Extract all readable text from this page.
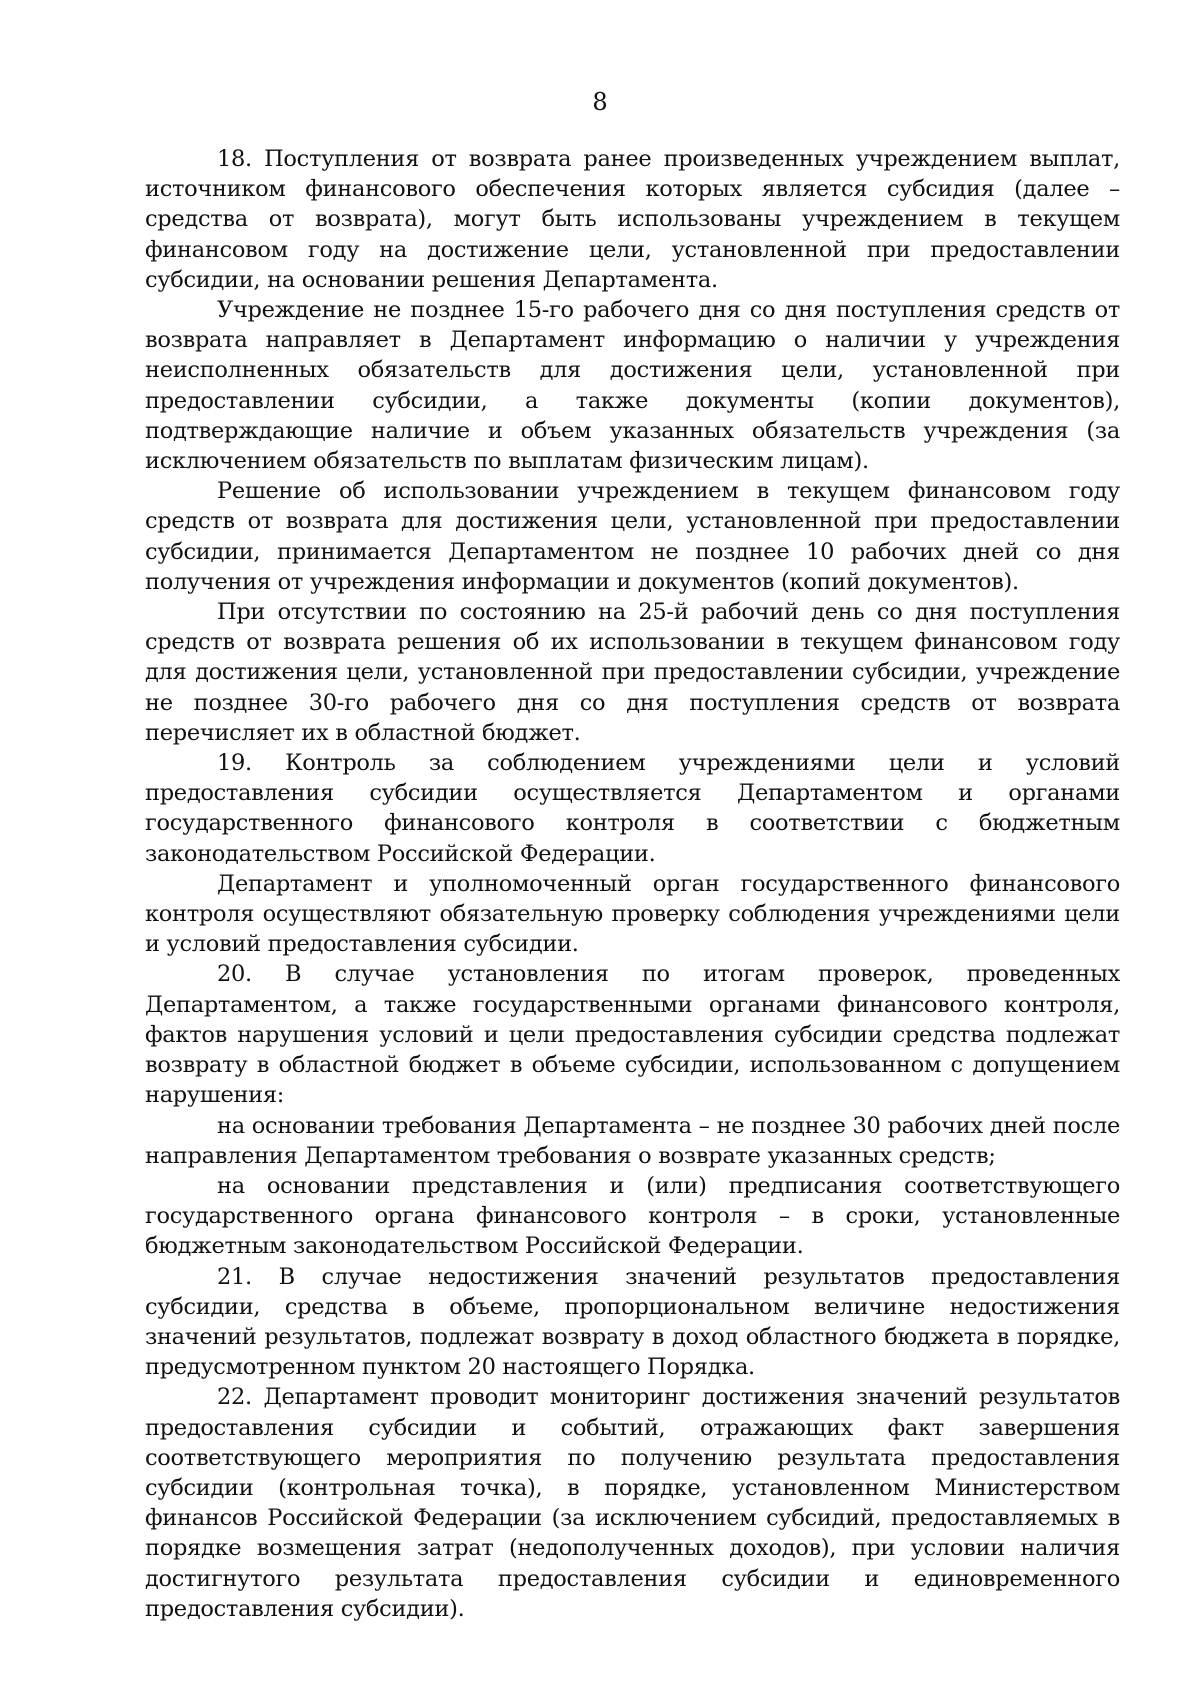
8

18. Поступления от возврата ранее произведенных учреждением выплат, источником финансового обеспечения которых является субсидия (далее – средства от возврата), могут быть использованы учреждением в текущем финансовом году на достижение цели, установленной при предоставлении субсидии, на основании решения Департамента.

Учреждение не позднее 15-го рабочего дня со дня поступления средств от возврата направляет в Департамент информацию о наличии у учреждения неисполненных обязательств для достижения цели, установленной при предоставлении субсидии, а также документы (копии документов), подтверждающие наличие и объем указанных обязательств учреждения (за исключением обязательств по выплатам физическим лицам).

Решение об использовании учреждением в текущем финансовом году средств от возврата для достижения цели, установленной при предоставлении субсидии, принимается Департаментом не позднее 10 рабочих дней со дня получения от учреждения информации и документов (копий документов).

При отсутствии по состоянию на 25-й рабочий день со дня поступления средств от возврата решения об их использовании в текущем финансовом году для достижения цели, установленной при предоставлении субсидии, учреждение не позднее 30-го рабочего дня со дня поступления средств от возврата перечисляет их в областной бюджет.

19. Контроль за соблюдением учреждениями цели и условий предоставления субсидии осуществляется Департаментом и органами государственного финансового контроля в соответствии с бюджетным законодательством Российской Федерации.

Департамент и уполномоченный орган государственного финансового контроля осуществляют обязательную проверку соблюдения учреждениями цели и условий предоставления субсидии.

20. В случае установления по итогам проверок, проведенных Департаментом, а также государственными органами финансового контроля, фактов нарушения условий и цели предоставления субсидии средства подлежат возврату в областной бюджет в объеме субсидии, использованном с допущением нарушения:

на основании требования Департамента – не позднее 30 рабочих дней после направления Департаментом требования о возврате указанных средств;

на основании представления и (или) предписания соответствующего государственного органа финансового контроля – в сроки, установленные бюджетным законодательством Российской Федерации.

21. В случае недостижения значений результатов предоставления субсидии, средства в объеме, пропорциональном величине недостижения значений результатов, подлежат возврату в доход областного бюджета в порядке, предусмотренном пунктом 20 настоящего Порядка.

22. Департамент проводит мониторинг достижения значений результатов предоставления субсидии и событий, отражающих факт завершения соответствующего мероприятия по получению результата предоставления субсидии (контрольная точка), в порядке, установленном Министерством финансов Российской Федерации (за исключением субсидий, предоставляемых в порядке возмещения затрат (недополученных доходов), при условии наличия достигнутого результата предоставления субсидии и единовременного предоставления субсидии).
